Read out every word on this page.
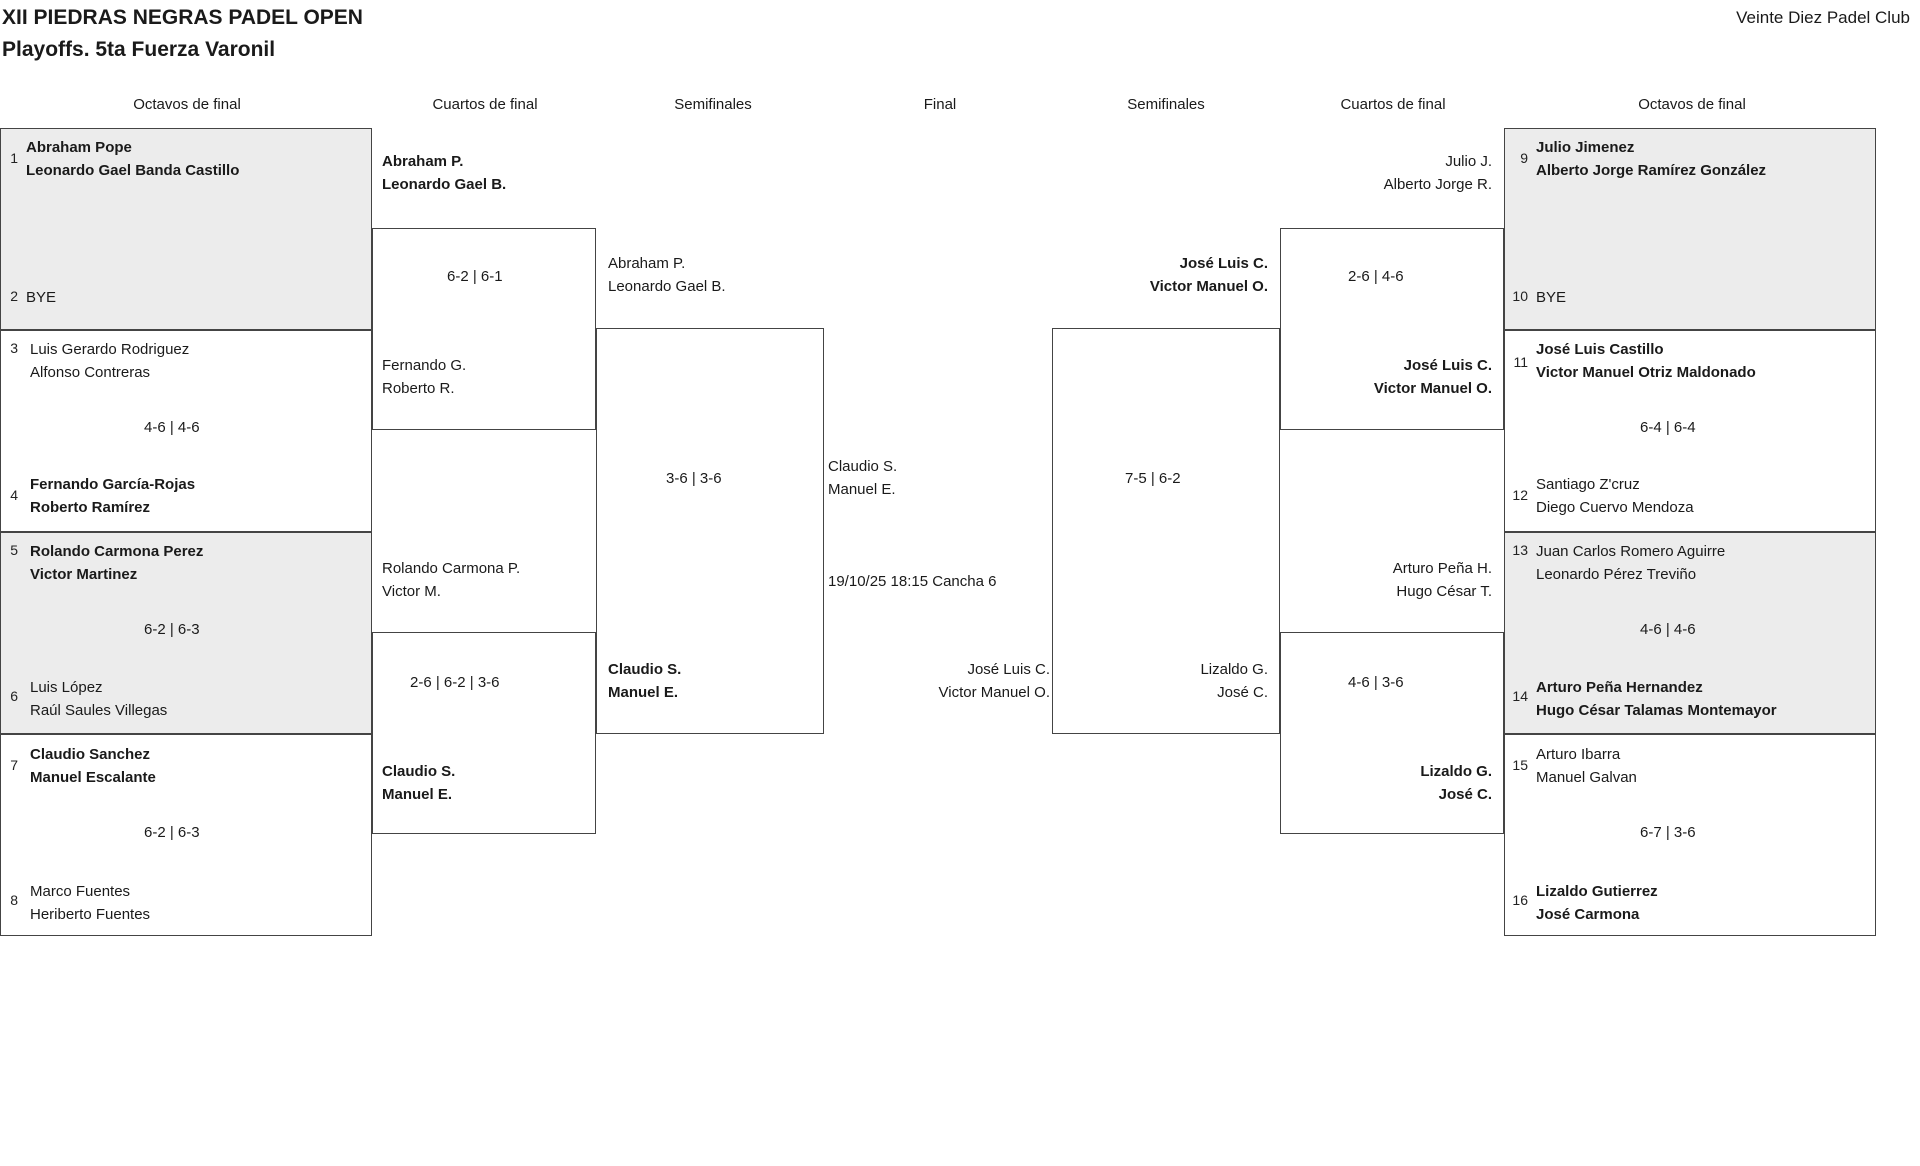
XII PIEDRAS NEGRAS PADEL OPEN
Playoffs. 5ta Fuerza Varonil
Veinte Diez Padel Club
Octavos de final	Cuartos de final	Semifinales	Final	Semifinales	Cuartos de final	Octavos de final
1
Abraham Pope
Leonardo Gael Banda Castillo
2 BYE
3 Luis Gerardo Rodriguez
Alfonso Contreras
4
Fernando García-Rojas
Roberto Ramírez
5 Rolando Carmona Perez
Victor Martinez
6 Luis López
Raúl Saules Villegas
7
Claudio Sanchez
Manuel Escalante
8 Marco Fuentes
Heriberto Fuentes
4-6 | 4-6
6-2 | 6-3
6-2 | 6-3
Abraham P.
Leonardo Gael B.
Fernando G.
Roberto R.
Rolando Carmona P.
Victor M.
Claudio S.
Manuel E.
6-2 | 6-1
2-6 | 6-2 | 3-6
Abraham P.
Leonardo Gael B.
Claudio S.
Manuel E.
3-6 | 3-6
Claudio S.
Manuel E.
José Luis C.
Victor Manuel O.
19/10/25 18:15 Cancha 6
José Luis C.
Victor Manuel O.
Lizaldo G.
José C.
7-5 | 6-2
Julio J.
Alberto Jorge R.
José Luis C.
Victor Manuel O.
Arturo Peña H.
Hugo César T.
Lizaldo G.
José C.
2-6 | 4-6
4-6 | 3-6
9
Julio Jimenez
Alberto Jorge Ramírez González
10 BYE
11
José Luis Castillo
Victor Manuel Otriz Maldonado
12
Santiago Z'cruz
Diego Cuervo Mendoza
13 Juan Carlos Romero Aguirre
Leonardo Pérez Treviño
14 Arturo Peña Hernandez
Hugo César Talamas Montemayor
15
Arturo Ibarra
Manuel Galvan
16 Lizaldo Gutierrez
José Carmona
6-4 | 6-4
4-6 | 4-6
6-7 | 3-6
